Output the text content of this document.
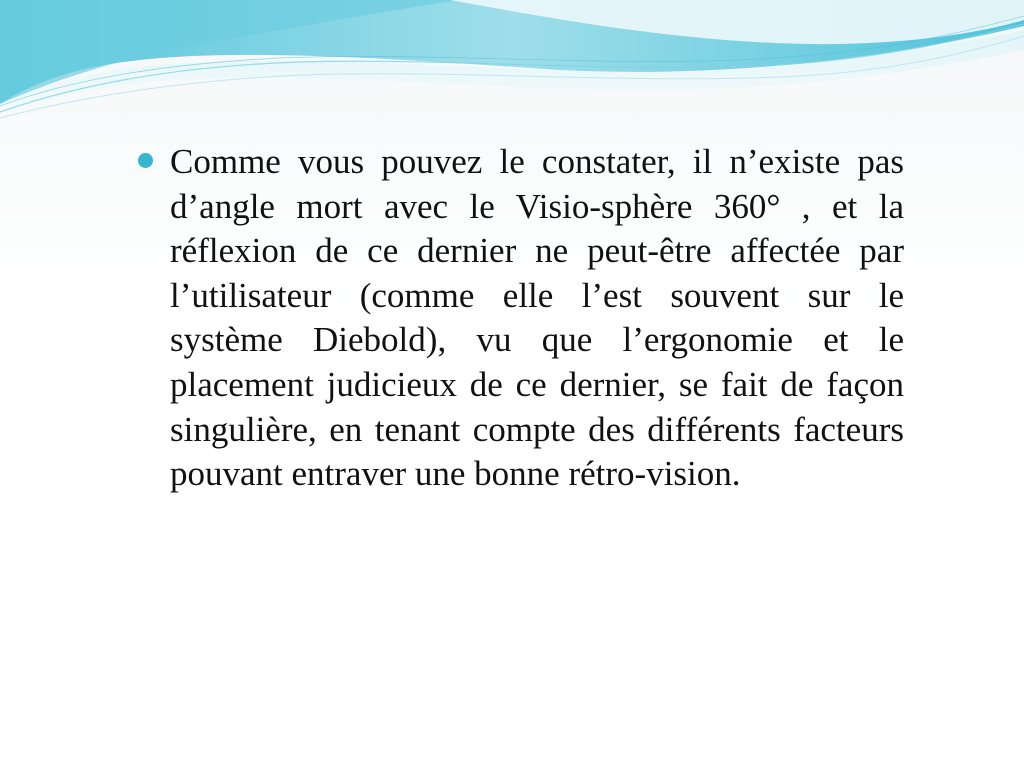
Comme vous pouvez le constater, il n’existe pas d’angle mort avec le Visio-sphère 360° , et la réflexion de ce dernier ne peut-être affectée par l’utilisateur (comme elle l’est souvent sur le système Diebold), vu que l’ergonomie et le placement judicieux de ce dernier, se fait de façon singulière, en tenant compte des différents facteurs pouvant entraver une bonne rétro-vision.
